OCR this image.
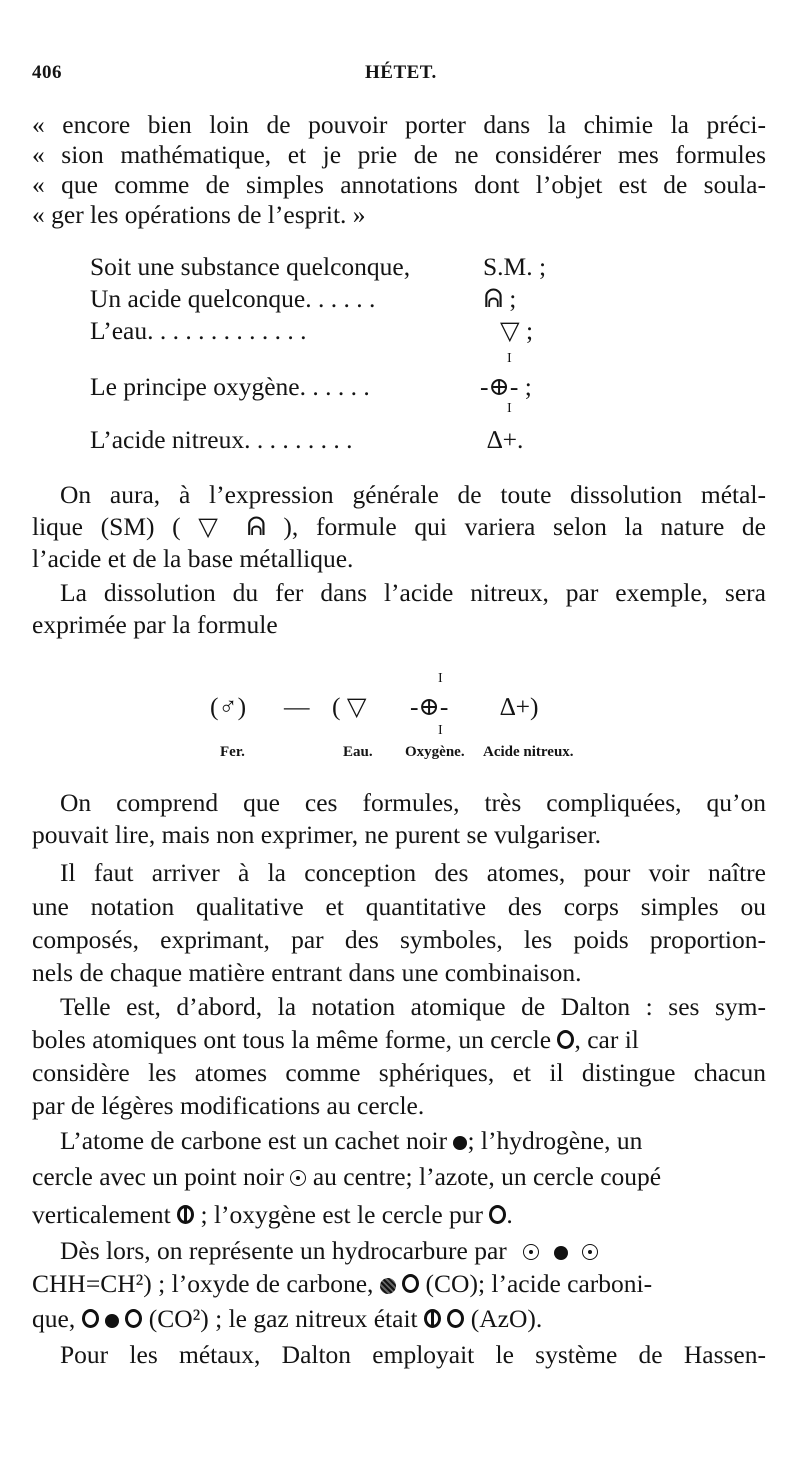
406	HÉTET.
« encore bien loin de pouvoir porter dans la chimie la préci-
« sion mathématique, et je prie de ne considérer mes formules
« que comme de simples annotations dont l’objet est de soula-
« ger les opérations de l’esprit. »
Soit une substance quelconque,	S.M. ;
Un acide quelconque. . . . . .	ᕱ ;
L’eau. . . . . . . . . . . . .	▽ ;
I
Le principe oxygène. . . . . .	-⊕- ;
I
L’acide nitreux. . . . . . . . .	∆+.
On aura, à l’expression générale de toute dissolution métal-
lique (SM) ( ▽ ᕱ ), formule qui variera selon la nature de
l’acide et de la base métallique.
La dissolution du fer dans l’acide nitreux, par exemple, sera
exprimée par la formule
I
(♂) — ( ▽ -⊕- ∆+)
I
Fer.	Eau. Oxygène. Acide nitreux.
On comprend que ces formules, très compliquées, qu’on
pouvait lire, mais non exprimer, ne purent se vulgariser.
Il faut arriver à la conception des atomes, pour voir naître
une notation qualitative et quantitative des corps simples ou
composés, exprimant, par des symboles, les poids proportion-
nels de chaque matière entrant dans une combinaison.
Telle est, d’abord, la notation atomique de Dalton : ses sym-
boles atomiques ont tous la même forme, un cercle , car il
considère les atomes comme sphériques, et il distingue chacun
par de légères modifications au cercle.
L’atome de carbone est un cachet noir ; l’hydrogène, un
cercle avec un point noir au centre; l’azote, un cercle coupé
verticalement ; l’oxygène est le cercle pur .
Dès lors, on représente un hydrocarbure par
CHH=CH²) ; l’oxyde de carbone, (CO); l’acide carboni-
que,	(CO²) ; le gaz nitreux était (AzO).
Pour les métaux, Dalton employait le système de Hassen-
